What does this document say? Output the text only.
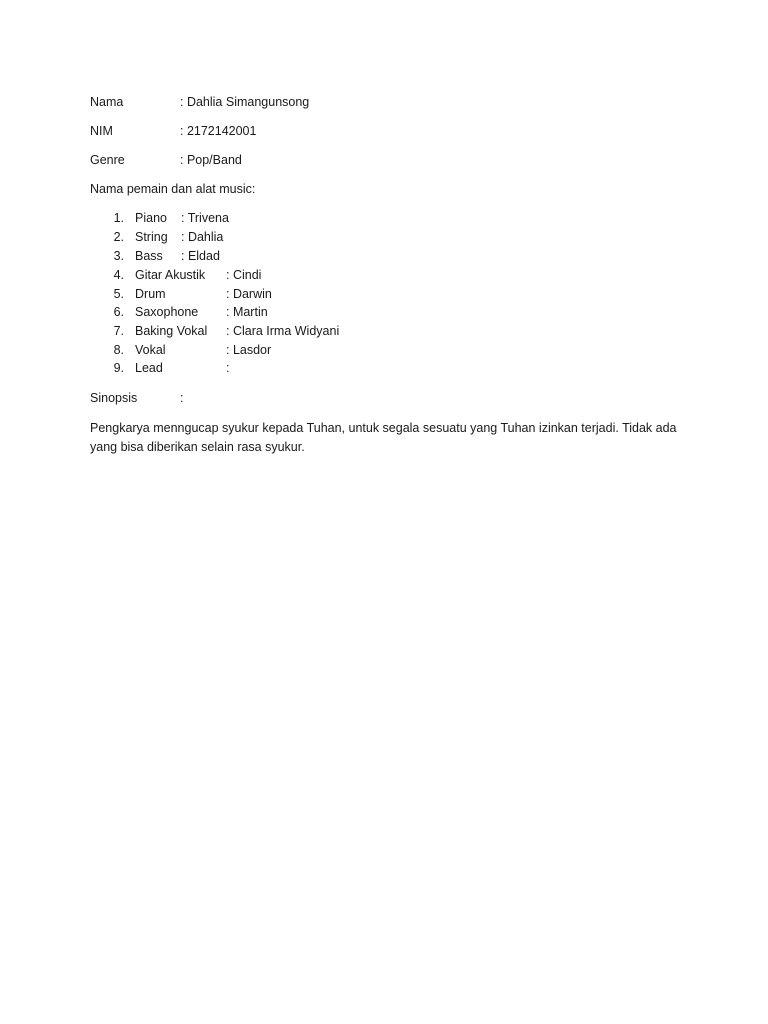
Nama	: Dahlia Simangunsong
NIM	: 2172142001
Genre	: Pop/Band
Nama pemain dan alat music:
1. Piano : Trivena
2. String : Dahlia
3. Bass : Eldad
4. Gitar Akustik : Cindi
5. Drum	: Darwin
6. Saxophone : Martin
7. Baking Vokal : Clara Irma Widyani
8. Vokal	: Lasdor
9. Lead	:
Sinopsis	:

Pengkarya menngucap syukur kepada Tuhan, untuk segala sesuatu yang Tuhan izinkan terjadi. Tidak ada yang bisa diberikan selain rasa syukur.
